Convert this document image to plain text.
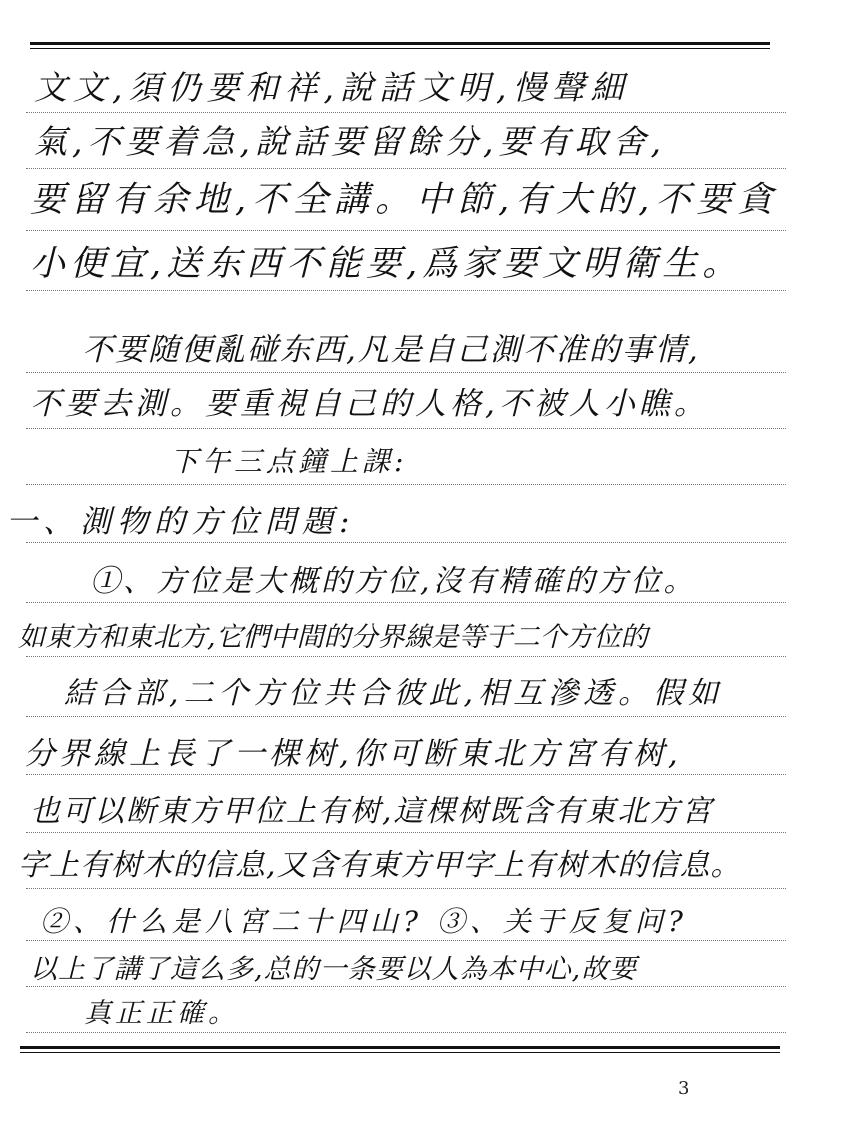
文文,須仍要和祥,說話文明,慢聲細
氣,不要着急,說話要留餘分,要有取舍,
要留有余地,不全講。中節,有大的,不要貪
小便宜,送东西不能要,爲家要文明衛生。
不要随便亂碰东西,凡是自己測不准的事情,
不要去測。要重視自己的人格,不被人小瞧。
下午三点鐘上課:
一、測物的方位問題:
①、方位是大概的方位,沒有精確的方位。
如東方和東北方,它們中間的分界線是等于二个方位的
結合部,二个方位共合彼此,相互滲透。假如
分界線上長了一棵树,你可断東北方宮有树,
也可以断東方甲位上有树,這棵树既含有東北方宮
字上有树木的信息,又含有東方甲字上有树木的信息。
②、什么是八宮二十四山? ③、关于反复问?
以上了講了這么多,总的一条要以人為本中心,故要
真正正確。
3
